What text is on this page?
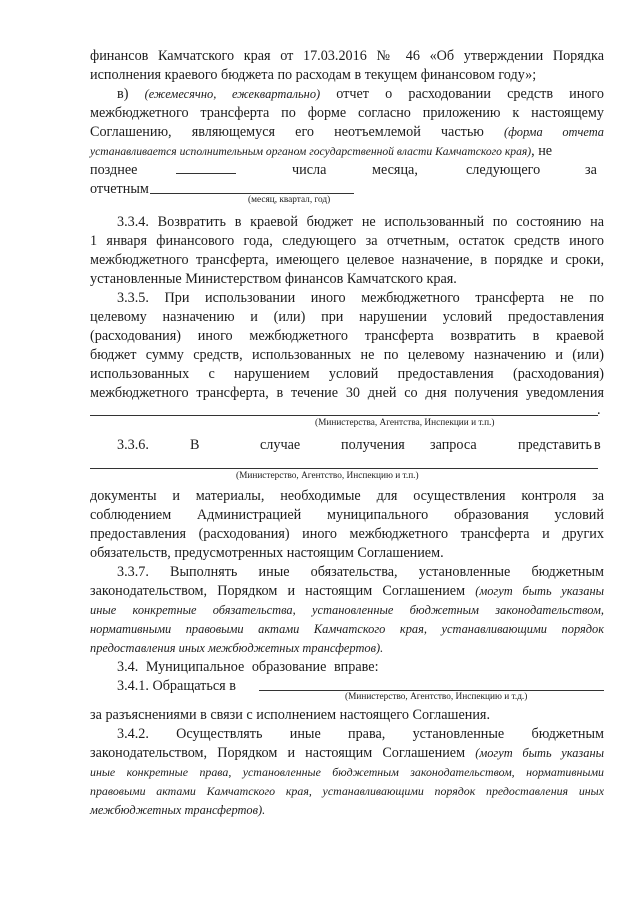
финансов Камчатского края от 17.03.2016 № 46 «Об утверждении Порядка
исполнения краевого бюджета по расходам в текущем финансовом году»;
в) (ежемесячно, ежеквартально) отчет о расходовании средств иного
межбюджетного трансферта по форме согласно приложению к настоящему
Соглашению, являющемуся его неотъемлемой частью (форма отчета
устанавливается исполнительным органом государственной власти Камчатского края), не
позднее	числа	месяца,	следующего	за
отчетным
(месяц, квартал, год)
3.3.4. Возвратить в краевой бюджет не использованный по состоянию на
1 января финансового года, следующего за отчетным, остаток средств иного
межбюджетного трансферта, имеющего целевое назначение, в порядке и сроки,
установленные Министерством финансов Камчатского края.
3.3.5. При использовании иного межбюджетного трансферта не по
целевому назначению и (или) при нарушении условий предоставления
(расходования) иного межбюджетного трансферта возвратить в краевой
бюджет сумму средств, использованных не по целевому назначению и (или)
использованных с нарушением условий предоставления (расходования)
межбюджетного трансферта, в течение 30 дней со дня получения уведомления
.
(Министерства, Агентства, Инспекции и т.п.)
3.3.6.	В	случае	получения	запроса	представить в
(Министерство, Агентство, Инспекцию и т.п.)
документы и материалы, необходимые для осуществления контроля за
соблюдением Администрацией муниципального образования условий
предоставления (расходования) иного межбюджетного трансферта и других
обязательств, предусмотренных настоящим Соглашением.
3.3.7. Выполнять иные обязательства, установленные бюджетным
законодательством, Порядком и настоящим Соглашением (могут быть указаны
иные конкретные обязательства, установленные бюджетным законодательством,
нормативными правовыми актами Камчатского края, устанавливающими порядок
предоставления иных межбюджетных трансфертов).
3.4. Муниципальное образование вправе:
3.4.1. Обращаться в
(Министерство, Агентство, Инспекцию и т.д.)
за разъяснениями в связи с исполнением настоящего Соглашения.
3.4.2. Осуществлять иные права, установленные бюджетным
законодательством, Порядком и настоящим Соглашением (могут быть указаны
иные конкретные права, установленные бюджетным законодательством, нормативными
правовыми актами Камчатского края, устанавливающими порядок предоставления иных
межбюджетных трансфертов).
